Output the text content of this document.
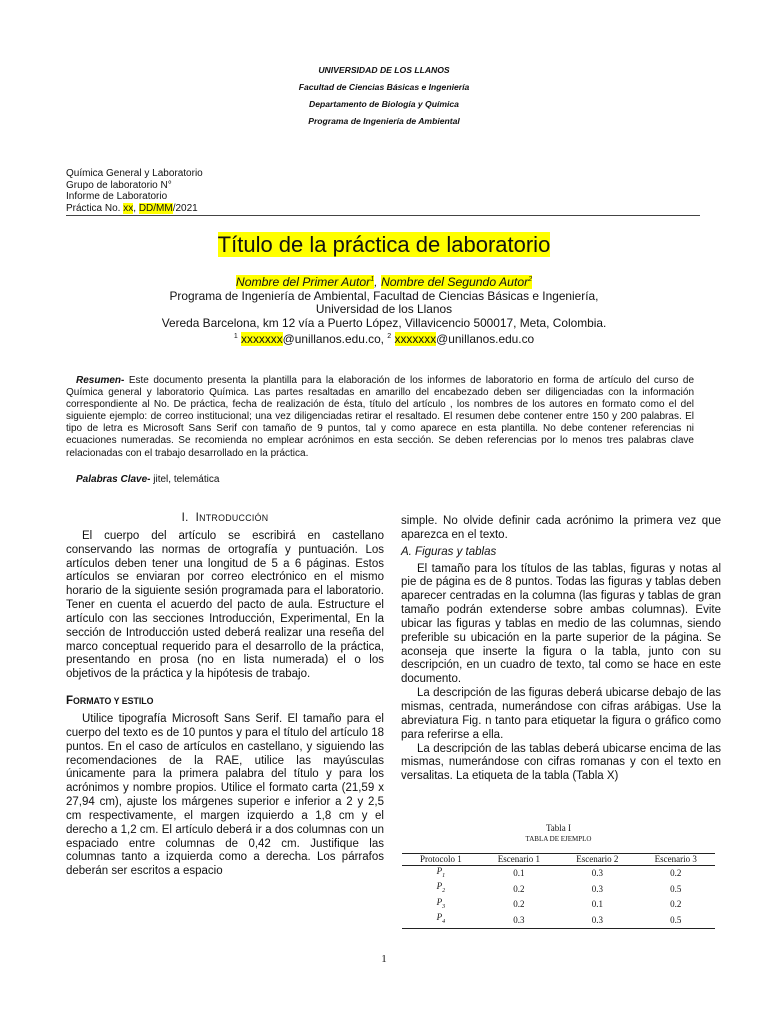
UNIVERSIDAD DE LOS LLANOS
Facultad de Ciencias Básicas e Ingeniería
Departamento de Biología y Química
Programa de Ingeniería de Ambiental
Química General y Laboratorio
Grupo de laboratorio N°
Informe de Laboratorio
Práctica No. xx, DD/MM/2021
Título de la práctica de laboratorio
Nombre del Primer Autor$^1$, Nombre del Segundo Autor$^2$
Programa de Ingeniería de Ambiental, Facultad de Ciencias Básicas e Ingeniería,
Universidad de los Llanos
Vereda Barcelona, km 12 vía a Puerto López, Villavicencio 500017, Meta, Colombia.
$^1$ xxxxxxx@unillanos.edu.co, $^2$ xxxxxxx@unillanos.edu.co
Resumen- Este documento presenta la plantilla para la elaboración de los informes de laboratorio en forma de artículo del curso de Química general y laboratorio Química. Las partes resaltadas en amarillo del encabezado deben ser diligenciadas con la información correspondiente al No. De práctica, fecha de realización de ésta, título del artículo , los nombres de los autores en formato como el del siguiente ejemplo: de correo institucional; una vez diligenciadas retirar el resaltado. El resumen debe contener entre 150 y 200 palabras. El tipo de letra es Microsoft Sans Serif con tamaño de 9 puntos, tal y como aparece en esta plantilla. No debe contener referencias ni ecuaciones numeradas. Se recomienda no emplear acrónimos en esta sección. Se deben referencias por lo menos tres palabras clave relacionadas con el trabajo desarrollado en la práctica.
Palabras Clave- jitel, telemática
I. INTRODUCCIÓN

El cuerpo del artículo se escribirá en castellano conservando las normas de ortografía y puntuación. Los artículos deben tener una longitud de 5 a 6 páginas. Estos artículos se enviaran por correo electrónico en el mismo horario de la siguiente sesión programada para el laboratorio. Tener en cuenta el acuerdo del pacto de aula. Estructure el artículo con las secciones Introducción, Experimental, En la sección de Introducción usted deberá realizar una reseña del marco conceptual requerido para el desarrollo de la práctica, presentando en prosa (no en lista numerada) el o los objetivos de la práctica y la hipótesis de trabajo.

FORMATO Y ESTILO

Utilice tipografía Microsoft Sans Serif. El tamaño para el cuerpo del texto es de 10 puntos y para el título del artículo 18 puntos. En el caso de artículos en castellano, y siguiendo las recomendaciones de la RAE, utilice las mayúsculas únicamente para la primera palabra del título y para los acrónimos y nombre propios. Utilice el formato carta (21,59 x 27,94 cm), ajuste los márgenes superior e inferior a 2 y 2,5 cm respectivamente, el margen izquierdo a 1,8 cm y el derecho a 1,2 cm. El artículo deberá ir a dos columnas con un espaciado entre columnas de 0,42 cm. Justifique las columnas tanto a izquierda como a derecha. Los párrafos deberán ser escritos a espacio

simple. No olvide definir cada acrónimo la primera vez que aparezca en el texto.

A. Figuras y tablas

El tamaño para los títulos de las tablas, figuras y notas al pie de página es de 8 puntos. Todas las figuras y tablas deben aparecer centradas en la columna (las figuras y tablas de gran tamaño podrán extenderse sobre ambas columnas). Evite ubicar las figuras y tablas en medio de las columnas, siendo preferible su ubicación en la parte superior de la página. Se aconseja que inserte la figura o la tabla, junto con su descripción, en un cuadro de texto, tal como se hace en este documento.

La descripción de las figuras deberá ubicarse debajo de las mismas, centrada, numerándose con cifras arábigas. Use la abreviatura Fig. n tanto para etiquetar la figura o gráfico como para referirse a ella.

La descripción de las tablas deberá ubicarse encima de las mismas, numerándose con cifras romanas y con el texto en versalitas. La etiqueta de la tabla (Tabla X)

Tabla I
TABLA DE EJEMPLO
Protocolo 1	Escenario 1	Escenario 2	Escenario 3
$P_1$	0.1	0.3	0.2
$P_2$	0.2	0.3	0.5
$P_3$	0.2	0.1	0.2
$P_4$	0.3	0.3	0.5
1
